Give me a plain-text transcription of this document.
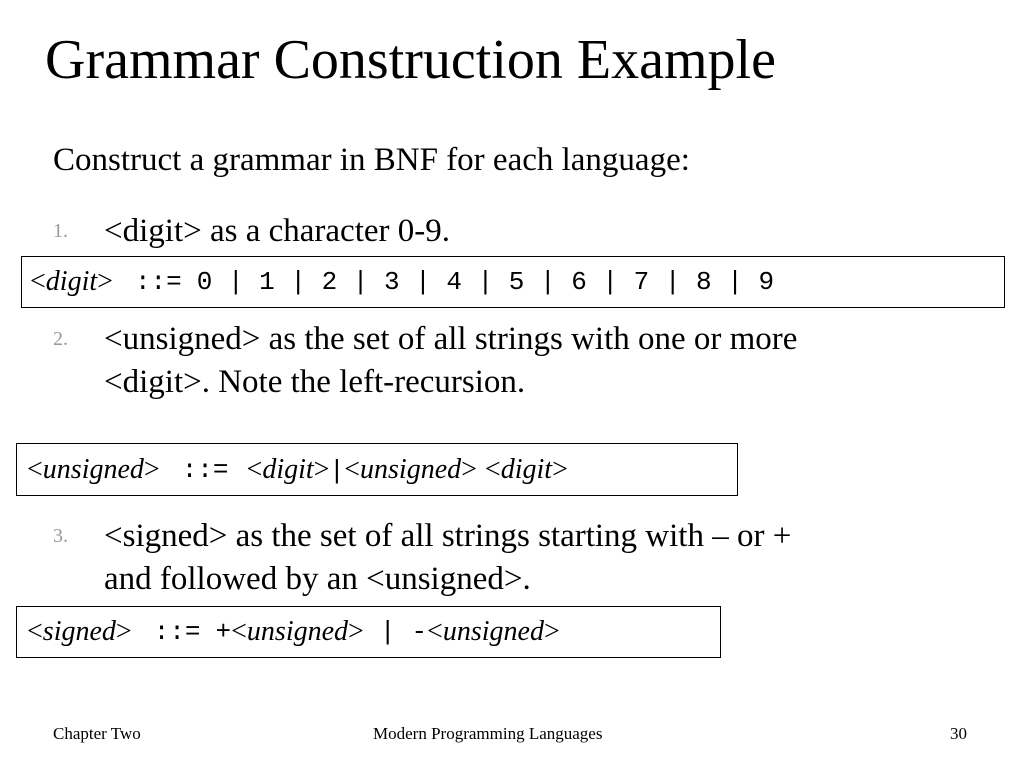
Grammar Construction Example
Construct a grammar in BNF for each language:
1. <digit> as a character 0-9.
< digit > ::= 0 | 1 | 2 | 3 | 4 | 5 | 6 | 7 | 8 | 9
2. <unsigned> as the set of all strings with one or more
<digit>. Note the left-recursion.
< unsigned > ::= < digit > | < unsigned > < digit >
3. <signed> as the set of all strings starting with – or +
and followed by an <unsigned>.
< signed > ::= + < unsigned > | - < unsigned >
Chapter Two	Modern Programming Languages	30
